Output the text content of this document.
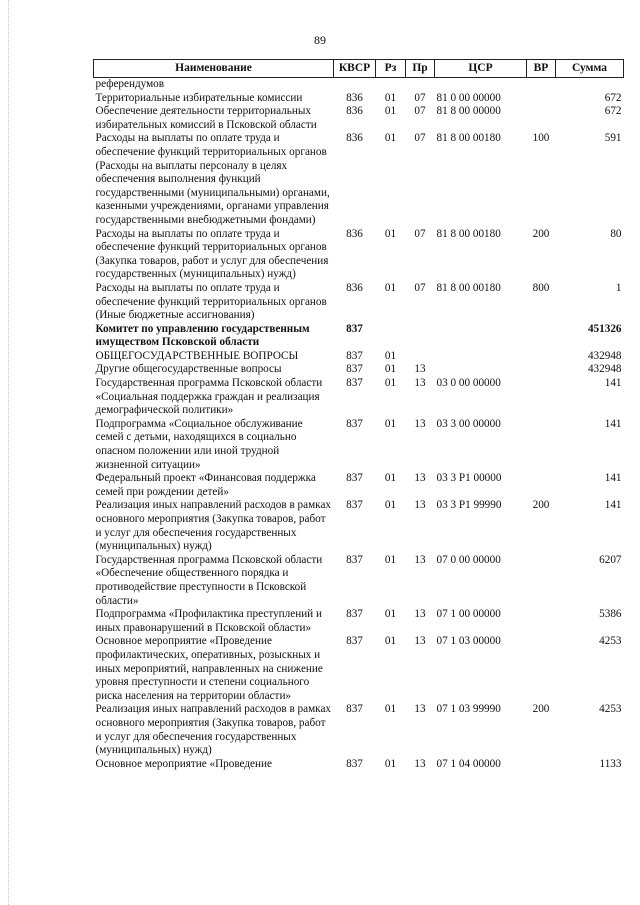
89
Наименование	КВСР	Рз	Пр	ЦСР	ВР	Сумма
референдумов						
Территориальные избирательные комиссии	836	01	07	81 0 00 00000		672
Обеспечение деятельности территориальных избирательных комиссий в Псковской области	836	01	07	81 8 00 00000		672
Расходы на выплаты по оплате труда и обеспечение функций территориальных органов (Расходы на выплаты персоналу в целях обеспечения выполнения функций государственными (муниципальными) органами, казенными учреждениями, органами управления государственными внебюджетными фондами)	836	01	07	81 8 00 00180	100	591
Расходы на выплаты по оплате труда и обеспечение функций территориальных органов (Закупка товаров, работ и услуг для обеспечения государственных (муниципальных) нужд)	836	01	07	81 8 00 00180	200	80
Расходы на выплаты по оплате труда и обеспечение функций территориальных органов (Иные бюджетные ассигнования)	836	01	07	81 8 00 00180	800	1
Комитет по управлению государственным имуществом Псковской области	837					451326
ОБЩЕГОСУДАРСТВЕННЫЕ ВОПРОСЫ	837	01				432948
Другие общегосударственные вопросы	837	01	13			432948
Государственная программа Псковской области «Социальная поддержка граждан и реализация демографической политики»	837	01	13	03 0 00 00000		141
Подпрограмма «Социальное обслуживание семей с детьми, находящихся в социально опасном положении или иной трудной жизненной ситуации»	837	01	13	03 3 00 00000		141
Федеральный проект «Финансовая поддержка семей при рождении детей»	837	01	13	03 3 P1 00000		141
Реализация иных направлений расходов в рамках основного мероприятия (Закупка товаров, работ и услуг для обеспечения государственных (муниципальных) нужд)	837	01	13	03 3 P1 99990	200	141
Государственная программа Псковской области «Обеспечение общественного порядка и противодействие преступности в Псковской области»	837	01	13	07 0 00 00000		6207
Подпрограмма «Профилактика преступлений и иных правонарушений в Псковской области»	837	01	13	07 1 00 00000		5386
Основное мероприятие «Проведение профилактических, оперативных, розыскных и иных мероприятий, направленных на снижение уровня преступности и степени социального риска населения на территории области»	837	01	13	07 1 03 00000		4253
Реализация иных направлений расходов в рамках основного мероприятия (Закупка товаров, работ и услуг для обеспечения государственных (муниципальных) нужд)	837	01	13	07 1 03 99990	200	4253
Основное мероприятие «Проведение	837	01	13	07 1 04 00000		1133
